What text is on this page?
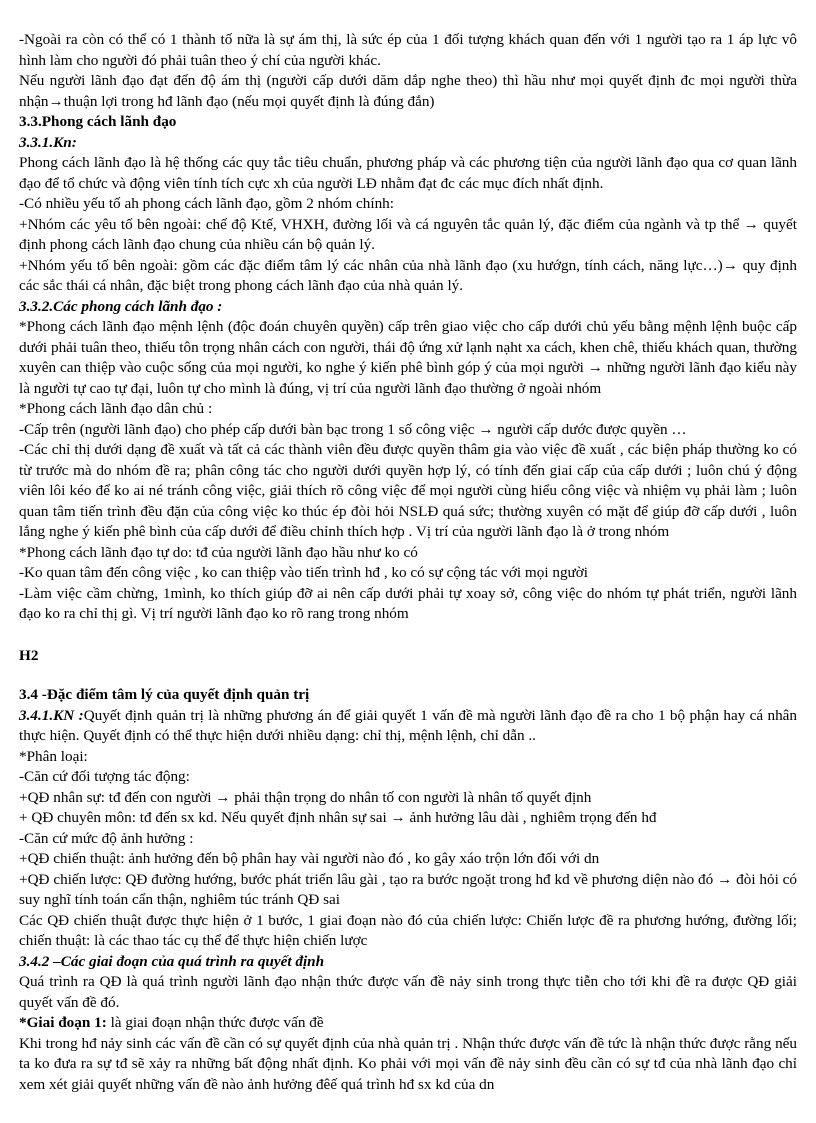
-Ngoài ra còn có thể có 1 thành tố nữa là sự ám thị, là sức ép của 1 đối tượng khách quan đến với 1 người tạo ra 1 áp lực vô hình làm cho người đó phải tuân theo ý chí của người khác.

Nếu người lãnh đạo đạt đến độ ám thị (người cấp dưới dăm dắp nghe theo) thì hầu như mọi quyết định đc mọi người thừa nhận→thuận lợi trong hđ lãnh đạo (nếu mọi quyết định là đúng đắn)

3.3.Phong cách lãnh đạo

3.3.1.Kn:

Phong cách lãnh đạo là hệ thống các quy tắc tiêu chuẩn, phương pháp và các phương tiện của người lãnh đạo qua cơ quan lãnh đạo để tổ chức và động viên tính tích cực xh của người LĐ nhằm đạt đc các mục đích nhất định.

-Có nhiều yếu tố ah phong cách lãnh đạo, gồm 2 nhóm chính:

+Nhóm các yêu tố bên ngoài: chế độ Ktế, VHXH, đường lối và cá nguyên tắc quản lý, đặc điểm của ngành và tp thể → quyết định phong cách lãnh đạo chung của nhiều cán bộ quản lý.

+Nhóm yếu tố bên ngoài: gồm các đặc điểm tâm lý các nhân của nhà lãnh đạo (xu hướgn, tính cách, năng lực…)→ quy định các sắc thái cá nhân, đặc biệt trong phong cách lãnh đạo của nhà quản lý.

3.3.2.Các phong cách lãnh đạo :

*Phong cách lãnh đạo mệnh lệnh (độc đoán chuyên quyền) cấp trên giao việc cho cấp dưới chủ yếu bằng mệnh lệnh buộc cấp dưới phải tuân theo, thiếu tôn trọng nhân cách con người, thái độ ứng xử lạnh nạht xa cách, khen chê, thiếu khách quan, thường xuyên can thiệp vào cuộc sống của mọi người, ko nghe ý kiến phê bình góp ý của mọi người → những người lãnh đạo kiểu này là người tự cao tự đại, luôn tự cho mình là đúng, vị trí của người lãnh đạo thường ở ngoài nhóm

*Phong cách lãnh đạo dân chủ :

-Cấp trên (người lãnh đạo) cho phép cấp dưới bàn bạc trong 1 số công việc → người cấp dước được quyền …

-Các chỉ thị dưới dạng đề xuất và tất cả các thành viên đều được quyền thâm gia vào việc đề xuất , các biện pháp thường ko có từ trước mà do nhóm đề ra; phân công tác cho người dưới quyền hợp lý, có tính đến giai cấp của cấp dưới ; luôn chú ý động viên lôi kéo để ko ai né tránh công việc, giải thích rõ công việc để mọi người cùng hiểu công việc và nhiệm vụ phải làm ; luôn quan tâm tiến trình đều đặn của công việc ko thúc ép đòi hỏi NSLĐ quá sức; thường xuyên có mặt để giúp đỡ cấp dưới , luôn lắng nghe ý kiến phê bình của cấp dưới để điều chỉnh thích hợp . Vị trí của người lãnh đạo là ở trong nhóm

*Phong cách lãnh đạo tự do: tđ của người lãnh đạo hầu như ko có

-Ko quan tâm đến công việc , ko can thiệp vào tiến trình hđ , ko có sự cộng tác với mọi người

-Làm việc cầm chừng, 1mình, ko thích giúp đỡ ai nên cấp dưới phải tự xoay sở, công việc do nhóm tự phát triển, người lãnh đạo ko ra chỉ thị gì. Vị trí người lãnh đạo ko rõ rang trong nhóm

H2

3.4 -Đặc điểm tâm lý của quyết định quản trị

3.4.1.KN :Quyết định quản trị là những phương án để giải quyết 1 vấn đề mà người lãnh đạo đề ra cho 1 bộ phận hay cá nhân thực hiện. Quyết định có thể thực hiện dưới nhiều dạng: chỉ thị, mệnh lệnh, chỉ dẫn ..

*Phân loại:

-Căn cứ đối tượng tác động:

+QĐ nhân sự: tđ đến con người → phải thận trọng do nhân tố con người là nhân tố quyết định

+ QĐ chuyên môn: tđ đến sx kd. Nếu quyết định nhân sự sai → ảnh hưởng lâu dài , nghiêm trọng đến hđ

-Căn cứ mức độ ảnh hưởng :

+QĐ chiến thuật: ảnh hưởng đến bộ phân hay vài người nào đó , ko gây xáo trộn lớn đối với dn

+QĐ chiến lược: QĐ đường hướng, bước phát triển lâu gài , tạo ra bước ngoặt trong hđ kd về phương diện nào đó → đòi hỏi có suy nghĩ tính toán cẩn thận, nghiêm túc tránh QĐ sai

Các QĐ chiến thuật được thực hiện ở 1 bước, 1 giai đoạn nào đó của chiến lược: Chiến lược đề ra phương hướng, đường lối; chiến thuật: là các thao tác cụ thể để thực hiện chiến lược

3.4.2 –Các giai đoạn của quá trình ra quyết định

Quá trình ra QĐ là quá trình người lãnh đạo nhận thức được vấn đề nảy sinh trong thực tiễn cho tới khi đề ra được QĐ giải quyết vấn đề đó.

*Giai đoạn 1: là giai đoạn nhận thức được vấn đề

Khi trong hđ nảy sinh các vấn đề cần có sự quyết định của nhà quản trị . Nhận thức được vấn đề tức là nhận thức được rằng nếu ta ko đưa ra sự tđ sẽ xảy ra những bất động nhất định. Ko phải với mọi vấn đề nảy sinh đều cần có sự tđ của nhà lãnh đạo chỉ xem xét giải quyết những vấn đề nào ảnh hưởng đêế quá trình hđ sx kd của dn
